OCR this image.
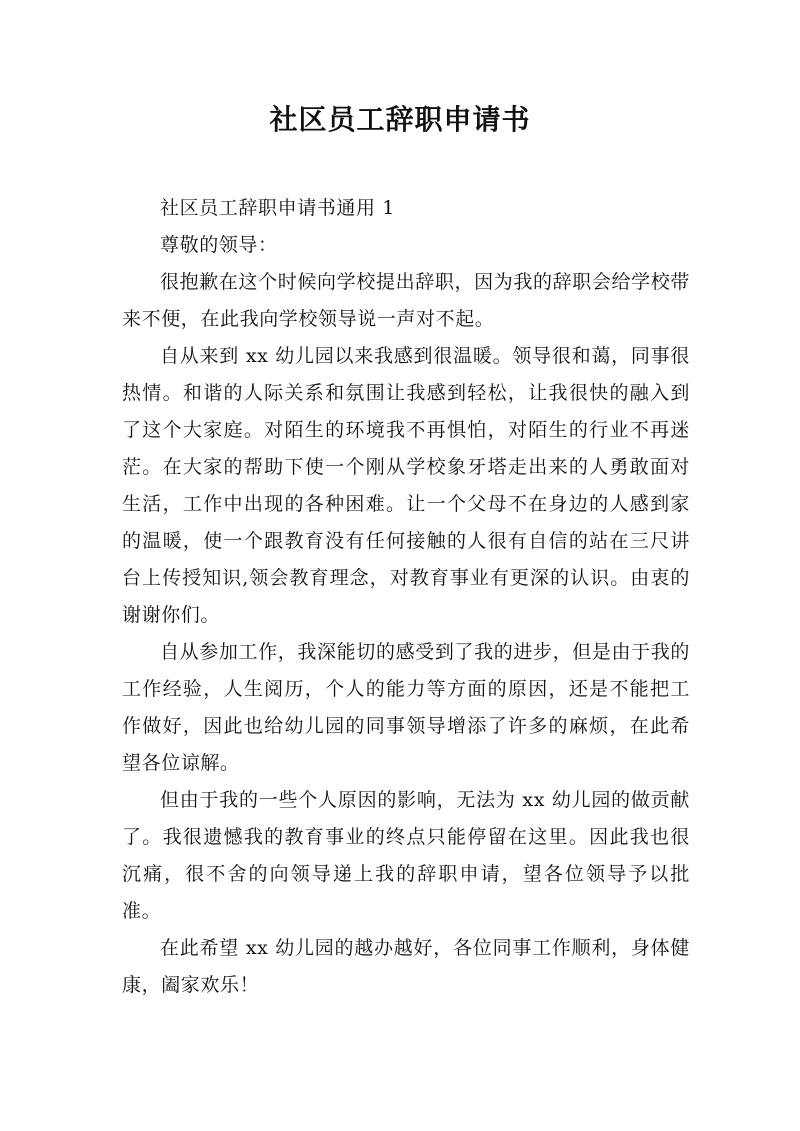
社区员工辞职申请书

社区员工辞职申请书通用 1

尊敬的领导：

很抱歉在这个时候向学校提出辞职，因为我的辞职会给学校带来不便，在此我向学校领导说一声对不起。

自从来到 xx 幼儿园以来我感到很温暖。领导很和蔼，同事很热情。和谐的人际关系和氛围让我感到轻松，让我很快的融入到了这个大家庭。对陌生的环境我不再惧怕，对陌生的行业不再迷茫。在大家的帮助下使一个刚从学校象牙塔走出来的人勇敢面对生活，工作中出现的各种困难。让一个父母不在身边的人感到家的温暖，使一个跟教育没有任何接触的人很有自信的站在三尺讲台上传授知识,领会教育理念，对教育事业有更深的认识。由衷的谢谢你们。

自从参加工作，我深能切的感受到了我的进步，但是由于我的工作经验，人生阅历，个人的能力等方面的原因，还是不能把工作做好，因此也给幼儿园的同事领导增添了许多的麻烦，在此希望各位谅解。

但由于我的一些个人原因的影响，无法为 xx 幼儿园的做贡献了。我很遗憾我的教育事业的终点只能停留在这里。因此我也很沉痛，很不舍的向领导递上我的辞职申请，望各位领导予以批准。

在此希望 xx 幼儿园的越办越好，各位同事工作顺利，身体健康，阖家欢乐！
